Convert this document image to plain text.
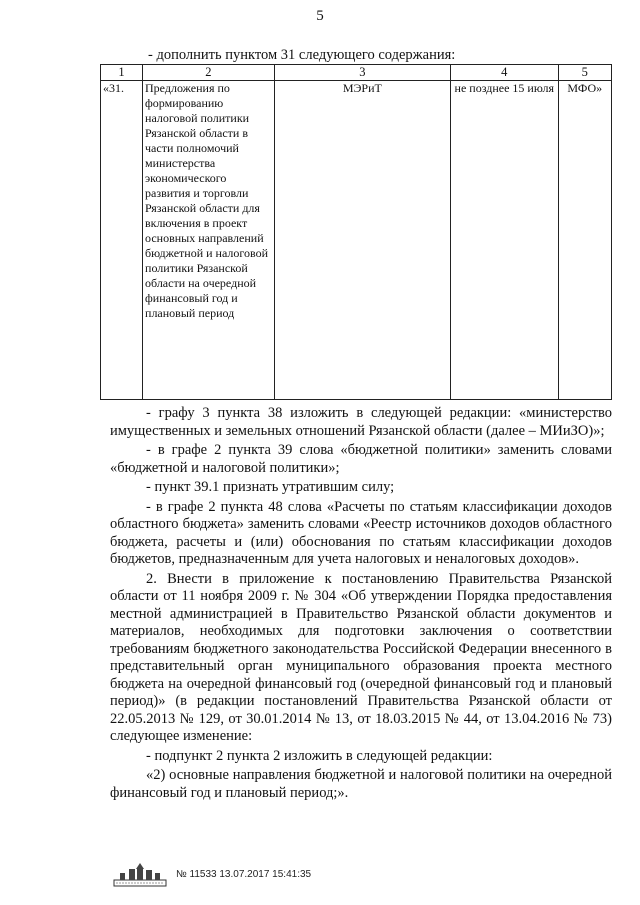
5
- дополнить пунктом 31 следующего содержания:
1	2	3	4	5
«31.	Предложения по формированию налоговой политики Рязанской области в части полномочий министерства экономического развития и торговли Рязанской области для включения в проект основных направлений бюджетной и налоговой политики Рязанской области на очередной финансовый год и плановый период	МЭРиТ	не позднее 15 июля	МФО»

- графу 3 пункта 38 изложить в следующей редакции: «министерство имущественных и земельных отношений Рязанской области (далее – МИиЗО)»;

- в графе 2 пункта 39 слова «бюджетной политики» заменить словами «бюджетной и налоговой политики»;

- пункт 39.1 признать утратившим силу;

- в графе 2 пункта 48 слова «Расчеты по статьям классификации доходов областного бюджета» заменить словами «Реестр источников доходов областного бюджета, расчеты и (или) обоснования по статьям классификации доходов бюджетов, предназначенным для учета налоговых и неналоговых доходов».

2. Внести в приложение к постановлению Правительства Рязанской области от 11 ноября 2009 г. № 304 «Об утверждении Порядка предоставления местной администрацией в Правительство Рязанской области документов и материалов, необходимых для подготовки заключения о соответствии требованиям бюджетного законодательства Российской Федерации внесенного в представительный орган муниципального образования проекта местного бюджета на очередной финансовый год (очередной финансовый год и плановый период)» (в редакции постановлений Правительства Рязанской области от 22.05.2013 № 129, от 30.01.2014 № 13, от 18.03.2015 № 44, от 13.04.2016 № 73) следующее изменение:

- подпункт 2 пункта 2 изложить в следующей редакции:

«2) основные направления бюджетной и налоговой политики на очередной финансовый год и плановый период;».

№ 11533 13.07.2017 15:41:35
